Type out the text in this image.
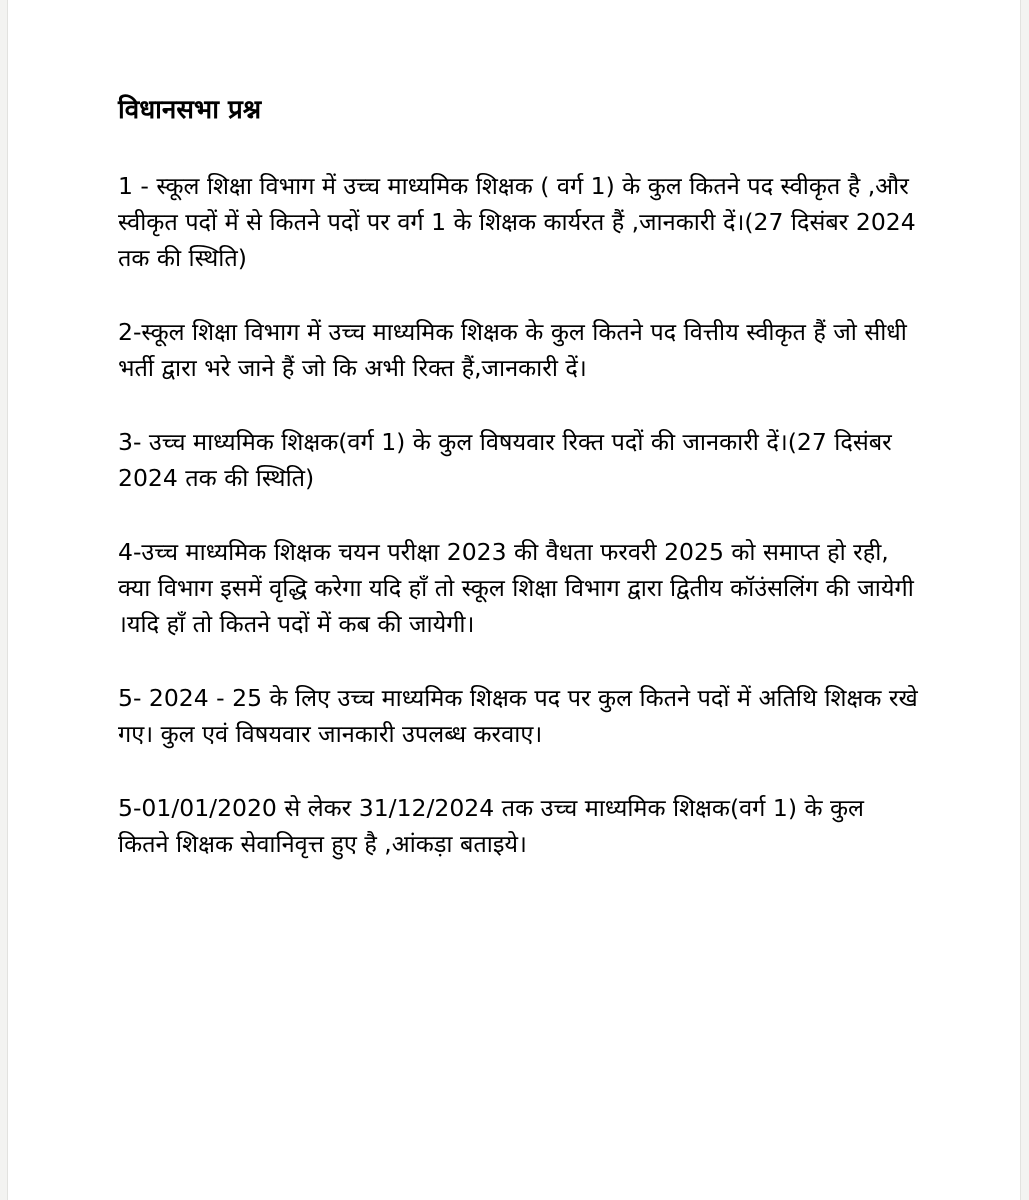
विधानसभा प्रश्न

1 - स्कूल शिक्षा विभाग में उच्च माध्यमिक शिक्षक ( वर्ग 1) के कुल कितने पद स्वीकृत है ,और स्वीकृत पदों में से कितने पदों पर वर्ग 1 के शिक्षक कार्यरत हैं ,जानकारी दें।(27 दिसंबर 2024 तक की स्थिति)

2-स्कूल शिक्षा विभाग में उच्च माध्यमिक शिक्षक के कुल कितने पद वित्तीय स्वीकृत हैं जो सीधी भर्ती द्वारा भरे जाने हैं जो कि अभी रिक्त हैं,जानकारी दें।

3- उच्च माध्यमिक शिक्षक(वर्ग 1) के कुल विषयवार रिक्त पदों की जानकारी दें।(27 दिसंबर 2024 तक की स्थिति)

4-उच्च माध्यमिक शिक्षक चयन परीक्षा 2023 की वैधता फरवरी 2025 को समाप्त हो रही, क्या विभाग इसमें वृद्धि करेगा यदि हाँ तो स्कूल शिक्षा विभाग द्वारा द्वितीय कॉउंसलिंग की जायेगी ।यदि हाँ तो कितने पदों में कब की जायेगी।

5- 2024 - 25 के लिए उच्च माध्यमिक शिक्षक पद पर कुल कितने पदों में अतिथि शिक्षक रखे गए। कुल एवं विषयवार जानकारी उपलब्ध करवाए।

5-01/01/2020 से लेकर 31/12/2024 तक उच्च माध्यमिक शिक्षक(वर्ग 1) के कुल कितने शिक्षक सेवानिवृत्त हुए है ,आंकड़ा बताइये।
